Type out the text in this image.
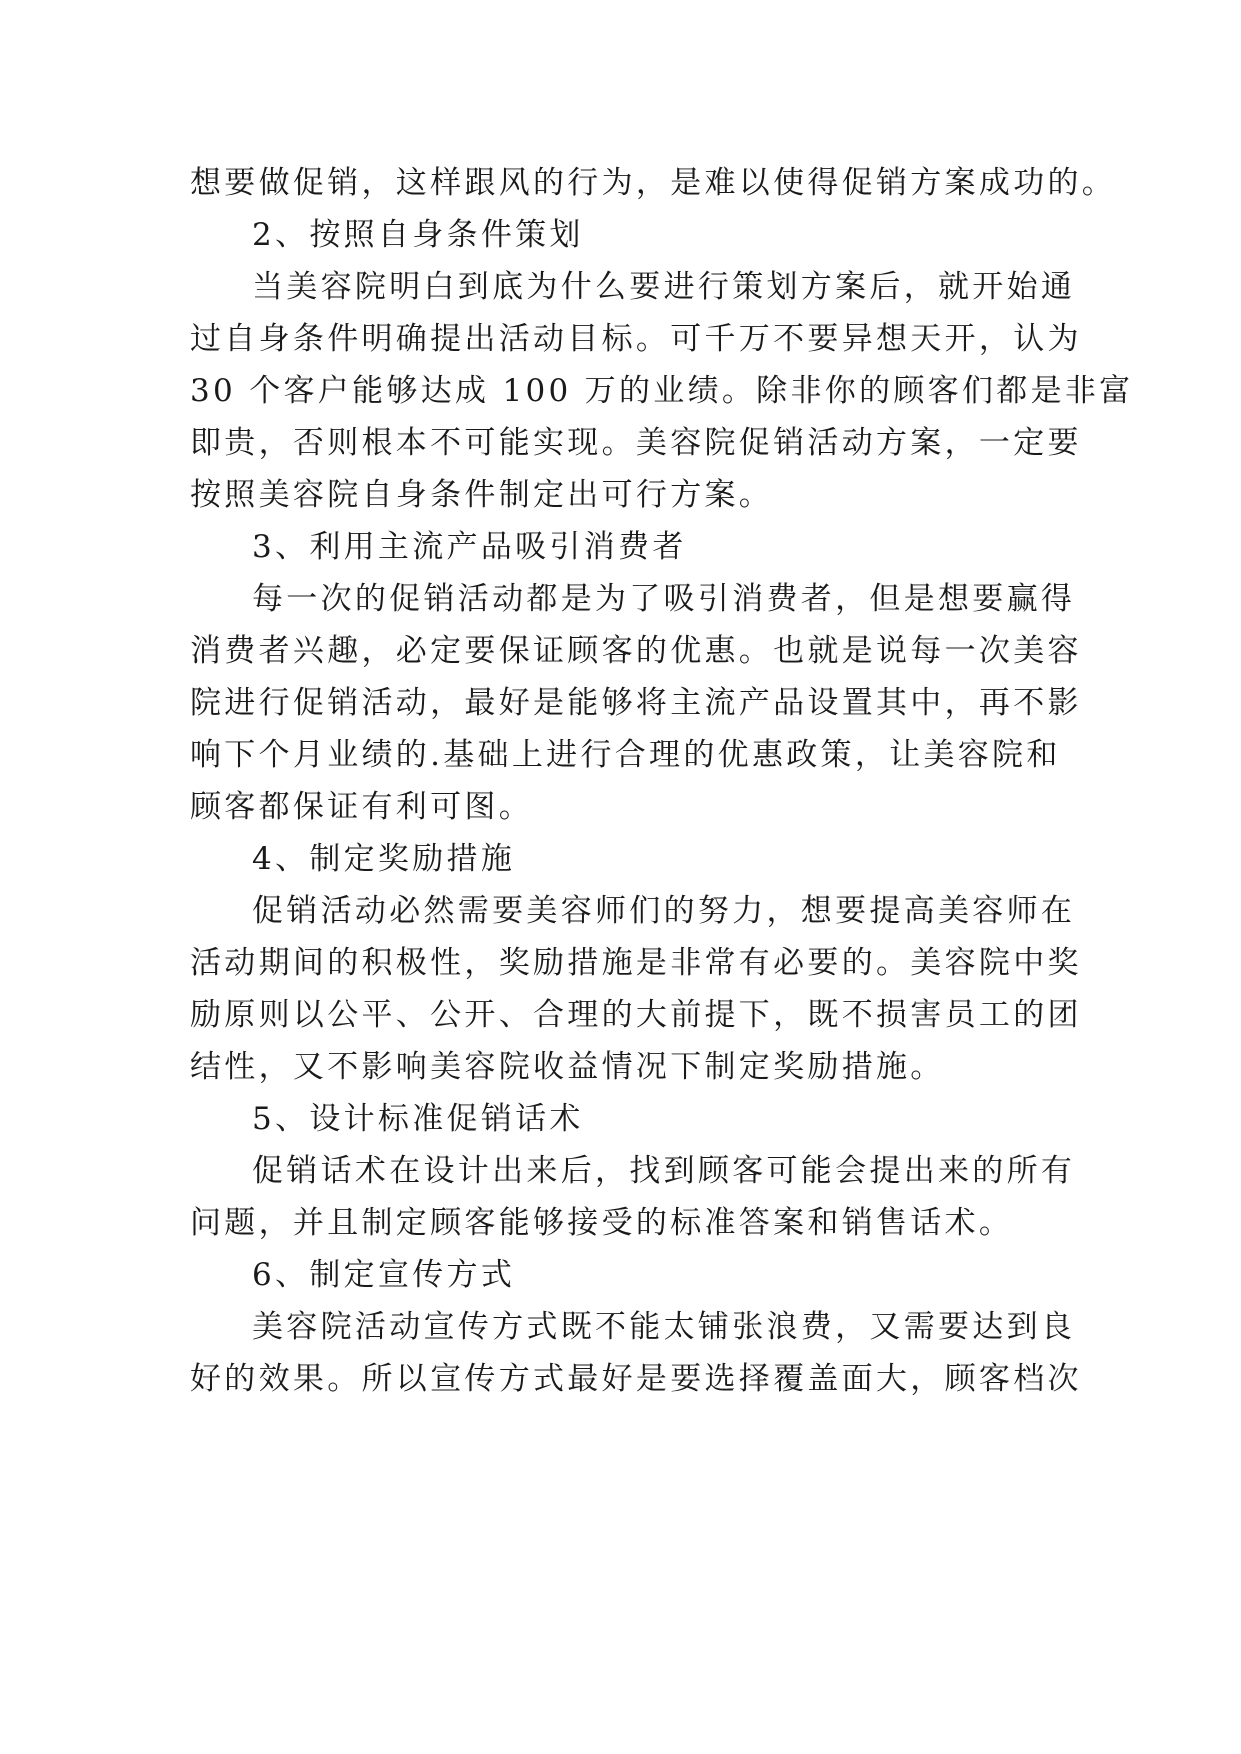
想要做促销，这样跟风的行为，是难以使得促销方案成功的。
2、按照自身条件策划
当美容院明白到底为什么要进行策划方案后，就开始通
过自身条件明确提出活动目标。可千万不要异想天开，认为
30 个客户能够达成 100 万的业绩。除非你的顾客们都是非富
即贵，否则根本不可能实现。美容院促销活动方案，一定要
按照美容院自身条件制定出可行方案。
3、利用主流产品吸引消费者
每一次的促销活动都是为了吸引消费者，但是想要赢得
消费者兴趣，必定要保证顾客的优惠。也就是说每一次美容
院进行促销活动，最好是能够将主流产品设置其中，再不影
响下个月业绩的.基础上进行合理的优惠政策，让美容院和
顾客都保证有利可图。
4、制定奖励措施
促销活动必然需要美容师们的努力，想要提高美容师在
活动期间的积极性，奖励措施是非常有必要的。美容院中奖
励原则以公平、公开、合理的大前提下，既不损害员工的团
结性，又不影响美容院收益情况下制定奖励措施。
5、设计标准促销话术
促销话术在设计出来后，找到顾客可能会提出来的所有
问题，并且制定顾客能够接受的标准答案和销售话术。
6、制定宣传方式
美容院活动宣传方式既不能太铺张浪费，又需要达到良
好的效果。所以宣传方式最好是要选择覆盖面大，顾客档次
